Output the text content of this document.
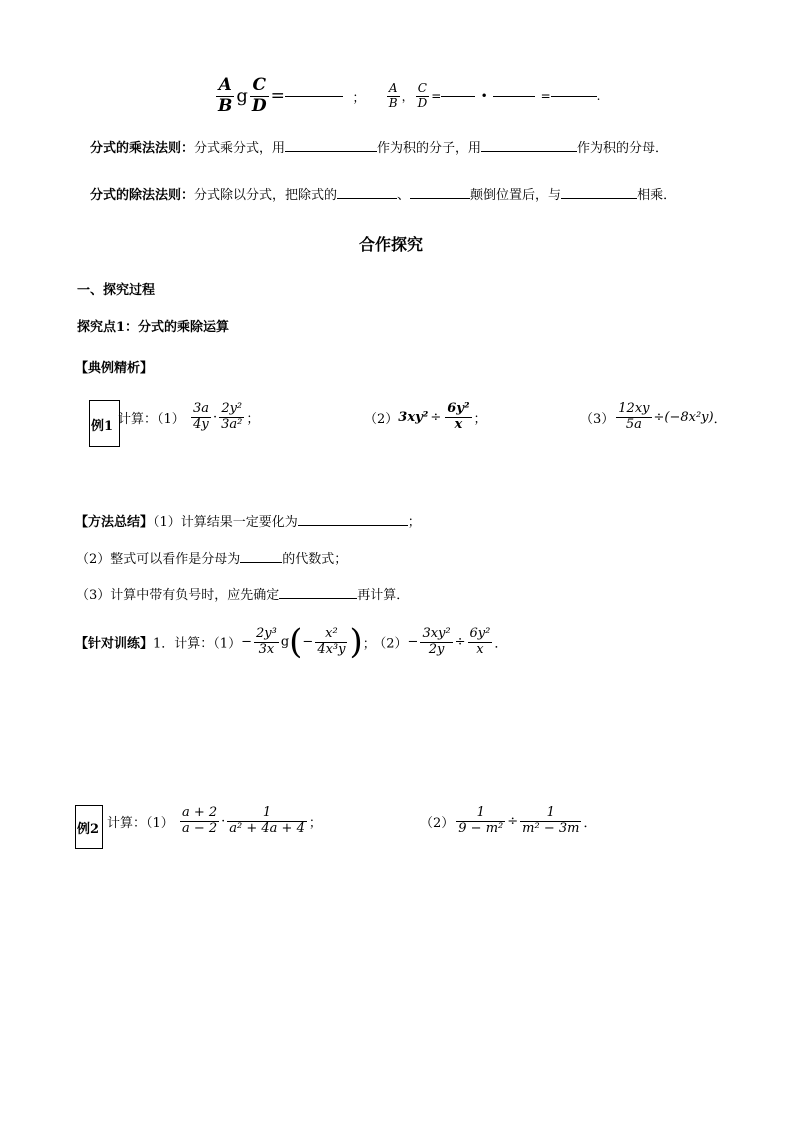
$\frac{A}{B}$ g $\frac{C}{D}$ =	； $\frac{A}{B}$ ， $\frac{C}{D}$ =	•	=	.
分式的乘法法则：分式乘分式，用	作为积的分子，用	作为积的分母．
分式的除法法则：分式除以分式，把除式的	、	颠倒位置后，与	相乘．
合作探究
一、探究过程
探究点1：分式的乘除运算
【典例精析】
例1 计算：$(1) \frac{3a}{4y} \cdot \frac{\text{2y²}}{\text{3a²}}$ ；	$(2)3xy^2 \div \frac{\text{6y²}}{x}$ ；	$(3) \frac{12xy}{5a} \div(-8x^2y)$．
【方法总结】（1）计算结果一定要化为	；
（2）整式可以看作是分母为	的代数式；
（3）计算中带有负号时，应先确定	再计算．
【针对训练】1．计算：$(1)- \frac{\text{2y³}}{3x} g(- \frac{\text{x²}}{\text{4x³y}}$ )； $(2)- \frac{\text{3xy²}}{2y} \div \frac{\text{6y²}}{x}$ ．
例2 计算：$(1) \frac{a + 2}{a - 2} \cdot \frac{1}{\text{a² + 4a + 4}}$ ；	$(2) \frac{1}{\text{9 − m²}} \div \frac{1}{\text{m² − 3m}}$ ．
